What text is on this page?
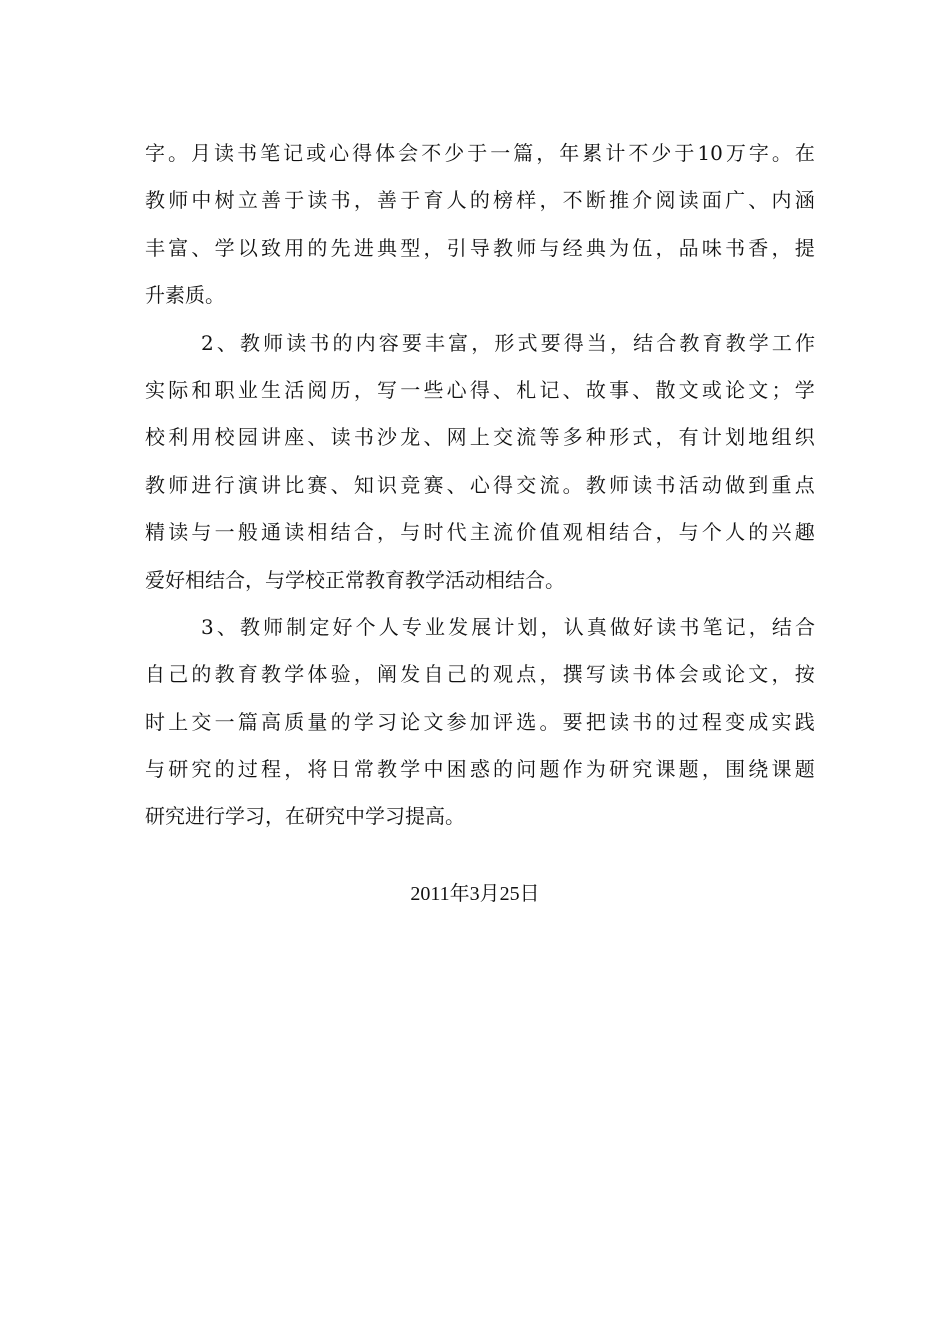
字 。 月 读 书 笔 记 或 心 得 体 会 不 少 于 一 篇 ， 年 累 计 不 少 于 10 万 字 。 在
教 师 中 树 立 善 于 读 书 ， 善 于 育 人 的 榜 样 ， 不 断 推 介 阅 读 面 广 、 内 涵
丰 富 、 学 以 致 用 的 先 进 典 型 ， 引 导 教 师 与 经 典 为 伍 ， 品 味 书 香 ， 提
升素质。
2 、 教 师 读 书 的 内 容 要 丰 富 ， 形 式 要 得 当 ， 结 合 教 育 教 学 工 作
实 际 和 职 业 生 活 阅 历 ， 写 一 些 心 得 、 札 记 、 故 事 、 散 文 或 论 文 ； 学
校 利 用 校 园 讲 座 、 读 书 沙 龙 、 网 上 交 流 等 多 种 形 式 ， 有 计 划 地 组 织
教 师 进 行 演 讲 比 赛 、 知 识 竞 赛 、 心 得 交 流 。 教 师 读 书 活 动 做 到 重 点
精 读 与 一 般 通 读 相 结 合 ， 与 时 代 主 流 价 值 观 相 结 合 ， 与 个 人 的 兴 趣
爱好相结合，与学校正常教育教学活动相结合。
3 、 教 师 制 定 好 个 人 专 业 发 展 计 划 ， 认 真 做 好 读 书 笔 记 ， 结 合
自 己 的 教 育 教 学 体 验 ， 阐 发 自 己 的 观 点 ， 撰 写 读 书 体 会 或 论 文 ， 按
时 上 交 一 篇 高 质 量 的 学 习 论 文 参 加 评 选 。 要 把 读 书 的 过 程 变 成 实 践
与 研 究 的 过 程 ， 将 日 常 教 学 中 困 惑 的 问 题 作 为 研 究 课 题 ， 围 绕 课 题
研究进行学习，在研究中学习提高。
2011年3月25日
